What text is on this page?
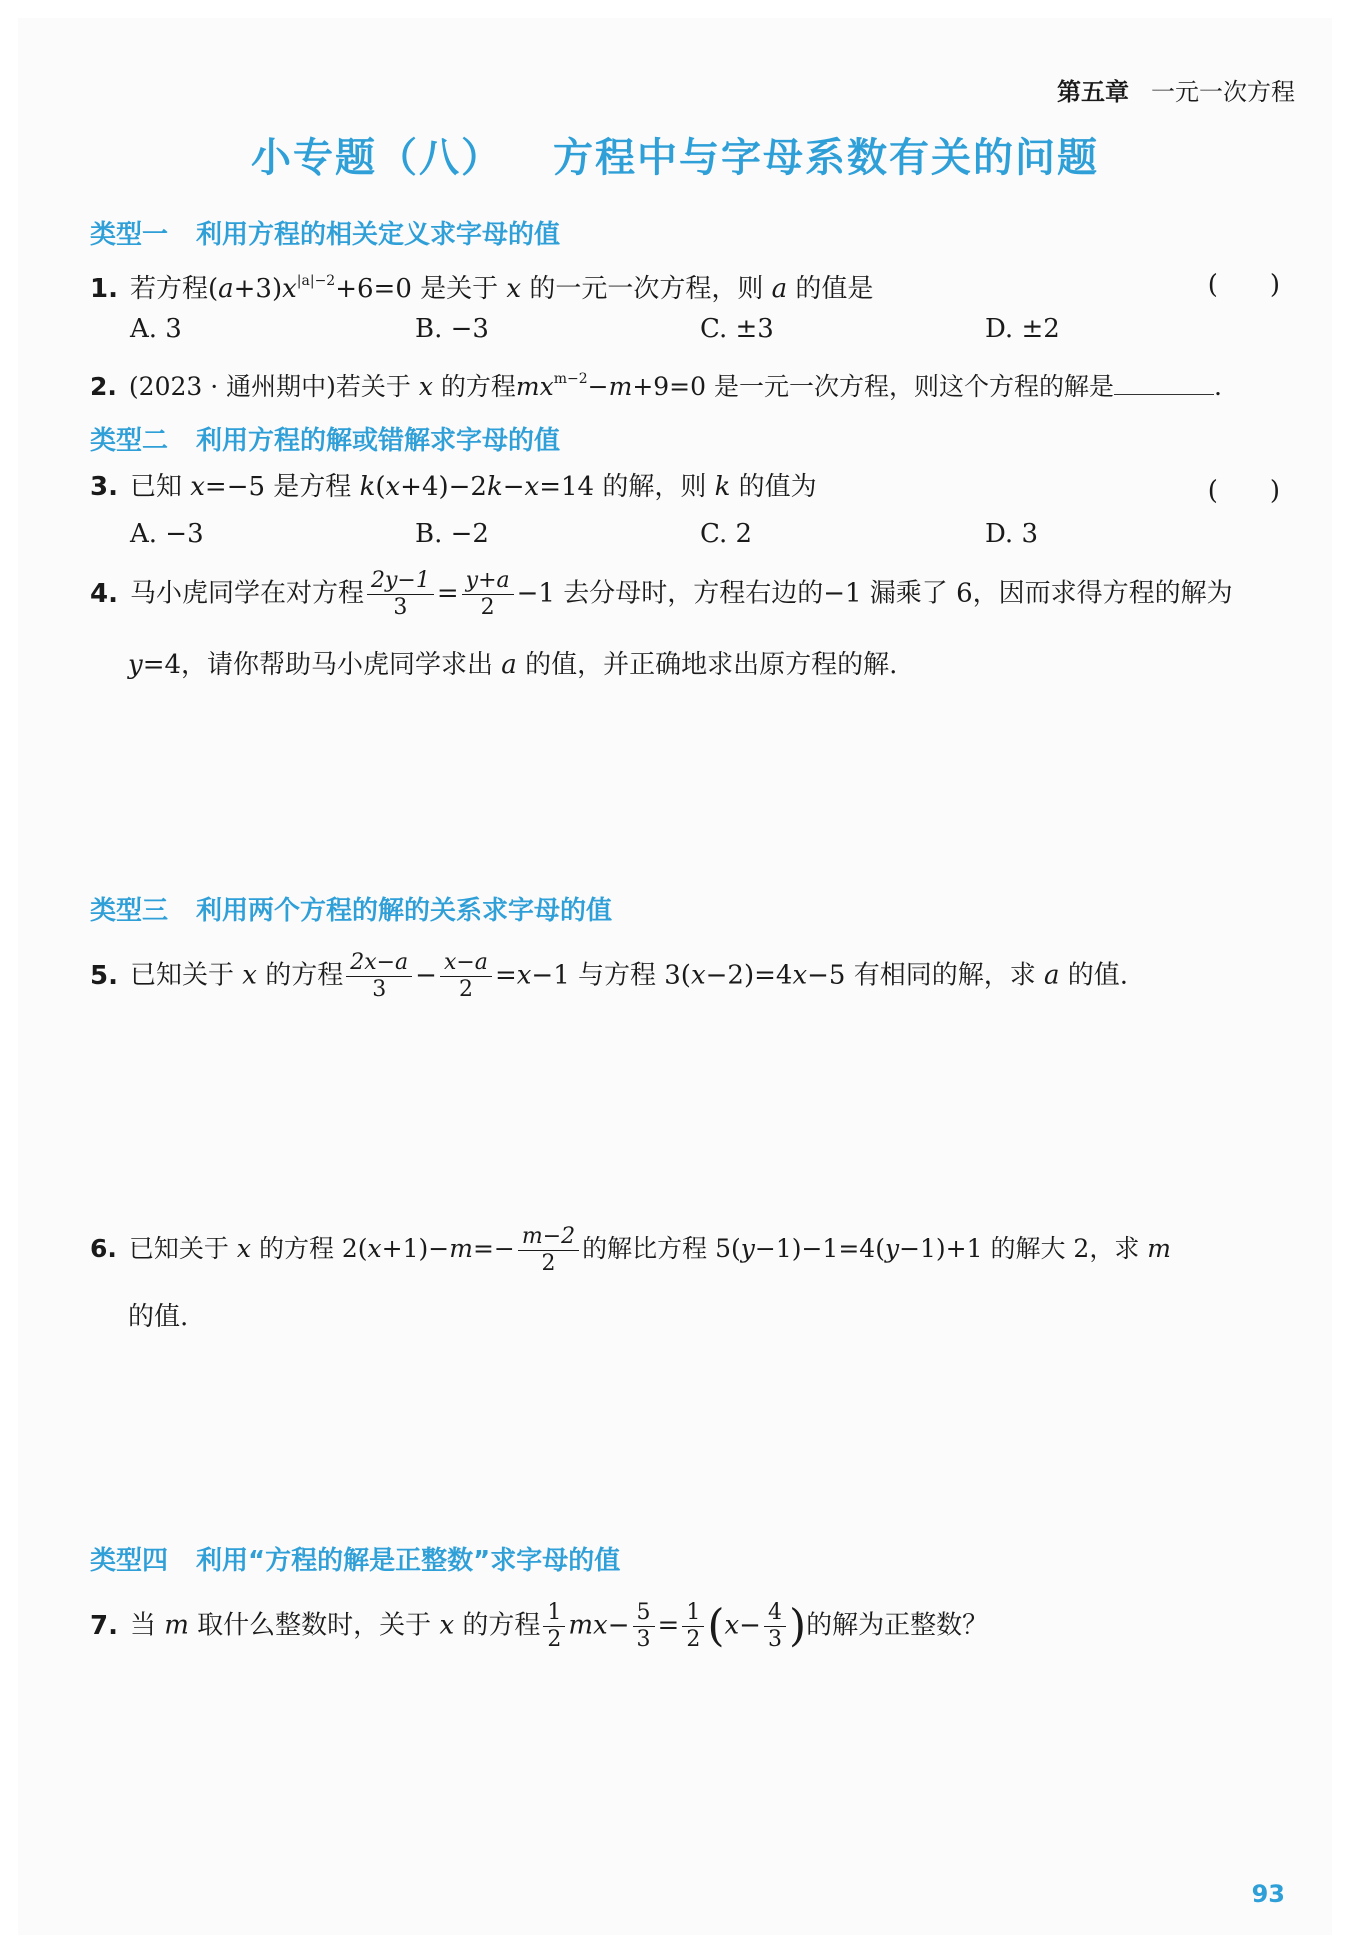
第五章 一元一次方程
小专题（八） 方程中与字母系数有关的问题
类型一 利用方程的相关定义求字母的值
1. 若方程$(a+3)x^{|a|-2}+6=0$ 是关于 x 的一元一次方程，则 a 的值是	(　　)
A. 3	B. −3	C. ±3	D. ±2
2. (2023 · 通州期中)若关于 x 的方程$mx^{m-2}-m+9=0$ 是一元一次方程，则这个方程的解是	.
类型二 利用方程的解或错解求字母的值
3. 已知 x=−5 是方程 k(x+4)−2k−x=14 的解，则 k 的值为	(　　)
A. −3	B. −2	C. 2	D. 3
4. 马小虎同学在对方程 $\frac{2y-1}{3} = \frac{y+a}{2} -1$ 去分母时，方程右边的−1 漏乘了 6，因而求得方程的解为
y=4，请你帮助马小虎同学求出 a 的值，并正确地求出原方程的解.
类型三 利用两个方程的解的关系求字母的值
5. 已知关于 x 的方程 $\frac{2x-a}{3} - \frac{x-a}{2} =x-1$ 与方程 3(x−2)=4x−5 有相同的解，求 a 的值.
6. 已知关于 x 的方程 $2(x+1)-m=- \frac{m-2}{2}$ 的解比方程 5(y−1)−1=4(y−1)+1 的解大 2，求 m
的值.
类型四 利用“方程的解是正整数”求字母的值
7. 当 m 取什么整数时，关于 x 的方程 $\frac{1}{2} mx- \frac{5}{3} = \frac{1}{2} (x- \frac{4}{3}$ )的解为正整数？
93
